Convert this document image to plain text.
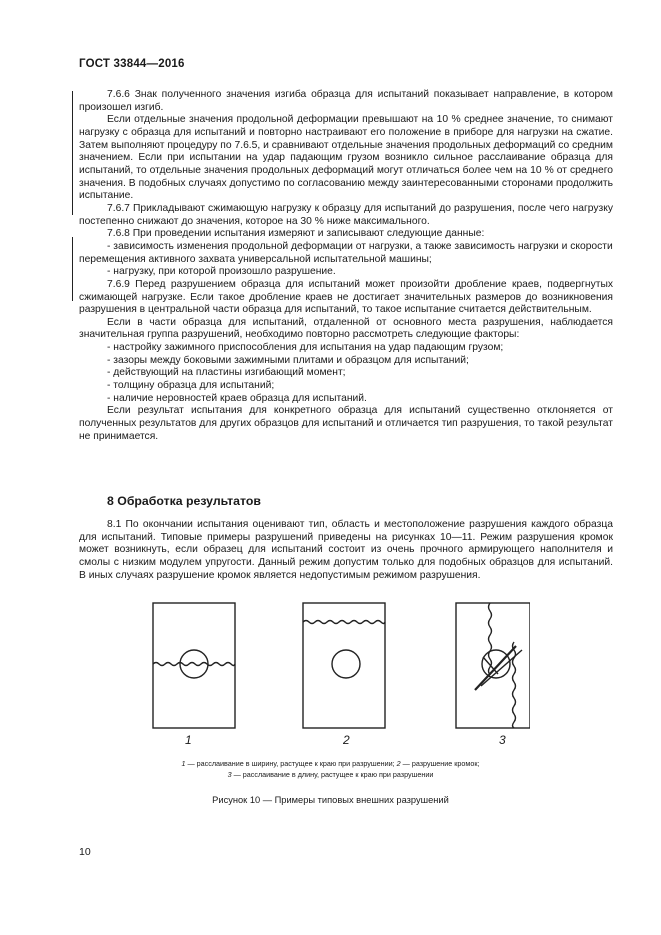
ГОСТ 33844—2016

7.6.6 Знак полученного значения изгиба образца для испытаний показывает направление, в котором произошел изгиб.

Если отдельные значения продольной деформации превышают на 10 % среднее значение, то снимают нагрузку с образца для испытаний и повторно настраивают его положение в приборе для нагрузки на сжатие. Затем выполняют процедуру по 7.6.5, и сравнивают отдельные значения продольных деформаций со средним значением. Если при испытании на удар падающим грузом возникло сильное расслаивание образца для испытаний, то отдельные значения продольных деформаций могут отличаться более чем на 10 % от среднего значения. В подобных случаях допустимо по согласованию между заинтересованными сторонами продолжить испытание.

7.6.7 Прикладывают сжимающую нагрузку к образцу для испытаний до разрушения, после чего нагрузку постепенно снижают до значения, которое на 30 % ниже максимального.

7.6.8 При проведении испытания измеряют и записывают следующие данные:

- зависимость изменения продольной деформации от нагрузки, а также зависимость нагрузки и скорости перемещения активного захвата универсальной испытательной машины;

- нагрузку, при которой произошло разрушение.

7.6.9 Перед разрушением образца для испытаний может произойти дробление краев, подвергнутых сжимающей нагрузке. Если такое дробление краев не достигает значительных размеров до возникновения разрушения в центральной части образца для испытаний, то такое испытание считается действительным.

Если в части образца для испытаний, отдаленной от основного места разрушения, наблюдается значительная группа разрушений, необходимо повторно рассмотреть следующие факторы:

- настройку зажимного приспособления для испытания на удар падающим грузом;

- зазоры между боковыми зажимными плитами и образцом для испытаний;

- действующий на пластины изгибающий момент;

- толщину образца для испытаний;

- наличие неровностей краев образца для испытаний.

Если результат испытания для конкретного образца для испытаний существенно отклоняется от полученных результатов для других образцов для испытаний и отличается тип разрушения, то такой результат не принимается.

8 Обработка результатов

8.1 По окончании испытания оценивают тип, область и местоположение разрушения каждого образца для испытаний. Типовые примеры разрушений приведены на рисунках 10—11. Режим разрушения кромок может возникнуть, если образец для испытаний состоит из очень прочного армирующего наполнителя и смолы с низким модулем упругости. Данный режим допустим только для подобных образцов для испытаний. В иных случаях разрушение кромок является недопустимым режимом разрушения.

1	2	3
1 — расслаивание в ширину, растущее к краю при разрушении; 2 — разрушение кромок;
3 — расслаивание в длину, растущее к краю при разрушении
Рисунок 10 — Примеры типовых внешних разрушений
10
